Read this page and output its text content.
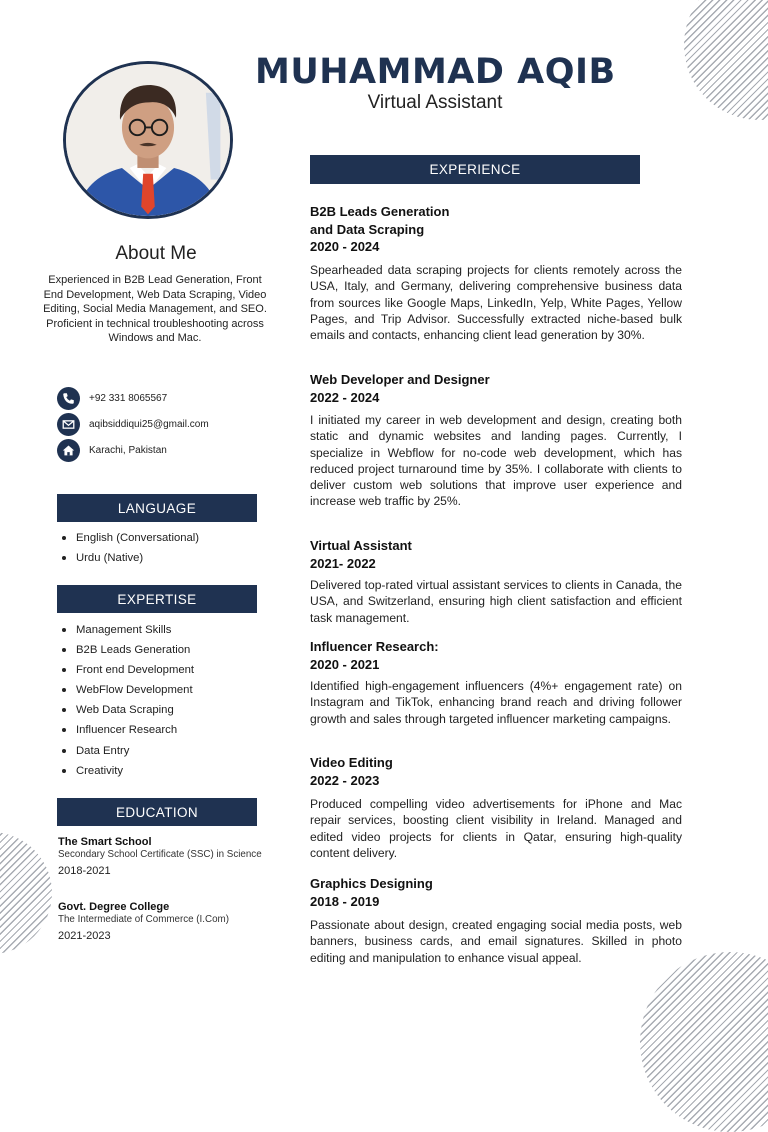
MUHAMMAD AQIB
Virtual Assistant
About Me
Experienced in B2B Lead Generation, Front End Development, Web Data Scraping, Video Editing, Social Media Management, and SEO. Proficient in technical troubleshooting across Windows and Mac.
+92 331 8065567
aqibsiddiqui25@gmail.com
Karachi, Pakistan
LANGUAGE
English (Conversational)
Urdu (Native)
EXPERTISE
Management Skills
B2B Leads Generation
Front end Development
WebFlow Development
Web Data Scraping
Influencer Research
Data Entry
Creativity
EDUCATION
The Smart School
Secondary School Certificate (SSC) in Science
2018-2021
Govt. Degree College
The Intermediate of Commerce (I.Com)
2021-2023
EXPERIENCE
B2B Leads Generation
and Data Scraping
2020 - 2024
Spearheaded data scraping projects for clients remotely across the USA, Italy, and Germany, delivering comprehensive business data from sources like Google Maps, LinkedIn, Yelp, White Pages, Yellow Pages, and Trip Advisor. Successfully extracted niche-based bulk emails and contacts, enhancing client lead generation by 30%.
Web Developer and Designer
2022 - 2024
I initiated my career in web development and design, creating both static and dynamic websites and landing pages. Currently, I specialize in Webflow for no-code web development, which has reduced project turnaround time by 35%. I collaborate with clients to deliver custom web solutions that improve user experience and increase web traffic by 25%.
Virtual Assistant
2021- 2022
Delivered top-rated virtual assistant services to clients in Canada, the USA, and Switzerland, ensuring high client satisfaction and efficient task management.
Influencer Research:
2020 - 2021
Identified high-engagement influencers (4%+ engagement rate) on Instagram and TikTok, enhancing brand reach and driving follower growth and sales through targeted influencer marketing campaigns.
Video Editing
2022 - 2023
Produced compelling video advertisements for iPhone and Mac repair services, boosting client visibility in Ireland. Managed and edited video projects for clients in Qatar, ensuring high-quality content delivery.
Graphics Designing
2018 - 2019
Passionate about design, created engaging social media posts, web banners, business cards, and email signatures. Skilled in photo editing and manipulation to enhance visual appeal.
